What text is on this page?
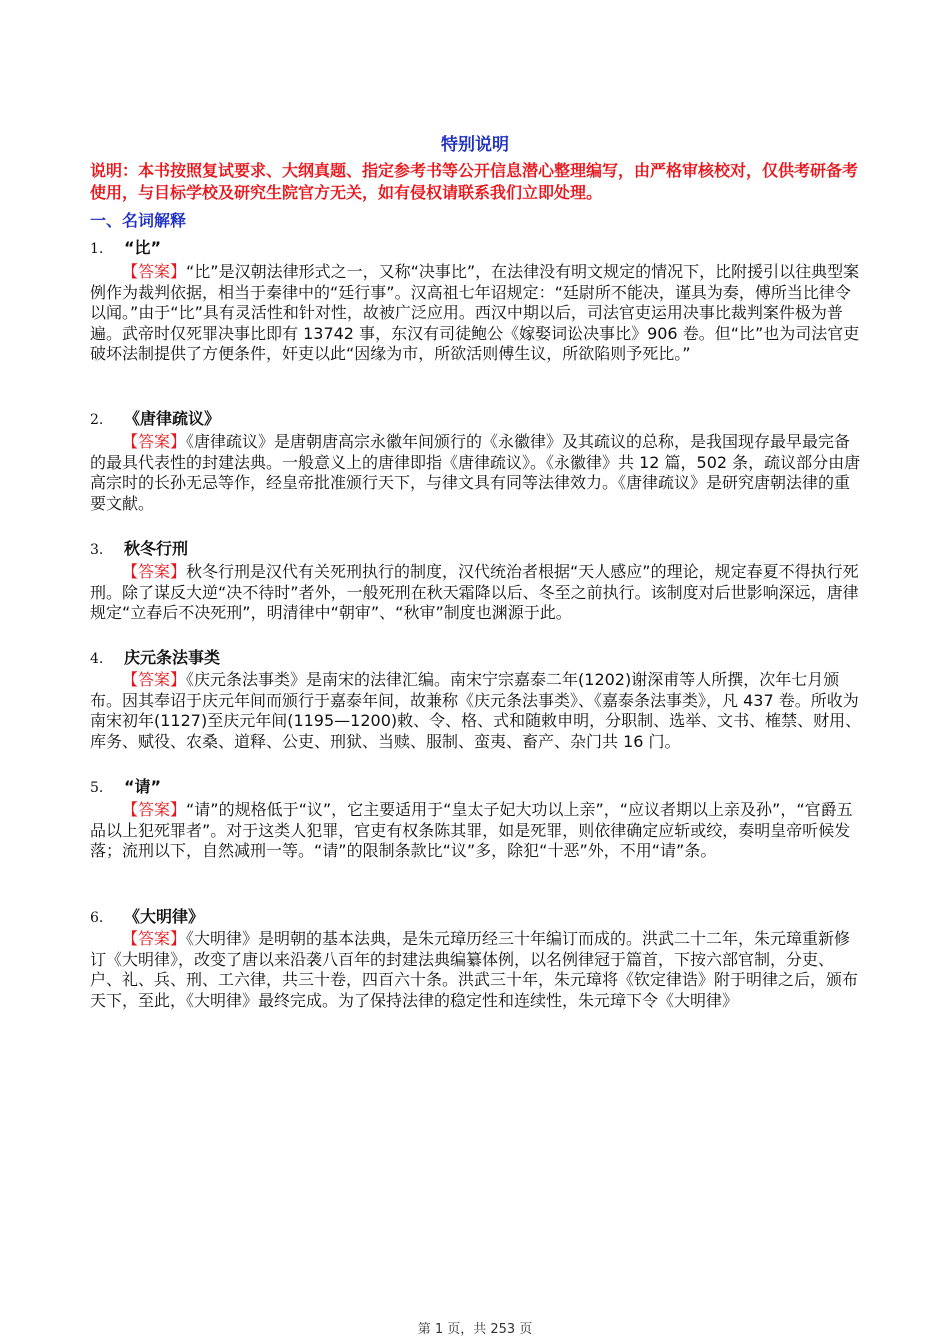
特别说明
说明：本书按照复试要求、大纲真题、指定参考书等公开信息潜心整理编写，由严格审核校对，仅供考研备考使用，与目标学校及研究生院官方无关，如有侵权请联系我们立即处理。
一、名词解释
1. “比”
【答案】“比”是汉朝法律形式之一，又称“决事比”，在法律没有明文规定的情况下，比附援引以往典型案例作为裁判依据，相当于秦律中的“廷行事”。汉高祖七年诏规定：“廷尉所不能决，谨具为奏，傅所当比律令以闻。”由于“比”具有灵活性和针对性，故被广泛应用。西汉中期以后，司法官吏运用决事比裁判案件极为普遍。武帝时仅死罪决事比即有 13742 事，东汉有司徒鲍公《嫁娶词讼决事比》906 卷。但“比”也为司法官吏破坏法制提供了方便条件，奸吏以此“因缘为市，所欲活则傅生议，所欲陷则予死比。”
2. 《唐律疏议》
【答案】《唐律疏议》是唐朝唐高宗永徽年间颁行的《永徽律》及其疏议的总称，是我国现存最早最完备的最具代表性的封建法典。一般意义上的唐律即指《唐律疏议》。《永徽律》共 12 篇，502 条，疏议部分由唐高宗时的长孙无忌等作，经皇帝批准颁行天下，与律文具有同等法律效力。《唐律疏议》是研究唐朝法律的重要文献。
3. 秋冬行刑
【答案】秋冬行刑是汉代有关死刑执行的制度，汉代统治者根据“天人感应”的理论，规定春夏不得执行死刑。除了谋反大逆“决不待时”者外，一般死刑在秋天霜降以后、冬至之前执行。该制度对后世影响深远，唐律规定“立春后不决死刑”，明清律中“朝审”、“秋审”制度也渊源于此。
4. 庆元条法事类
【答案】《庆元条法事类》是南宋的法律汇编。南宋宁宗嘉泰二年(1202)谢深甫等人所撰，次年七月颁布。因其奉诏于庆元年间而颁行于嘉泰年间，故兼称《庆元条法事类》、《嘉泰条法事类》，凡 437 卷。所收为南宋初年(1127)至庆元年间(1195—1200)敕、令、格、式和随敕申明，分职制、选举、文书、榷禁、财用、库务、赋役、农桑、道释、公吏、刑狱、当赎、服制、蛮夷、畜产、杂门共 16 门。
5. “请”
【答案】“请”的规格低于“议”，它主要适用于“皇太子妃大功以上亲”，“应议者期以上亲及孙”，“官爵五品以上犯死罪者”。对于这类人犯罪，官吏有权条陈其罪，如是死罪，则依律确定应斩或绞，奏明皇帝听候发落；流刑以下，自然减刑一等。“请”的限制条款比“议”多，除犯“十恶”外，不用“请”条。
6. 《大明律》
【答案】《大明律》是明朝的基本法典，是朱元璋历经三十年编订而成的。洪武二十二年，朱元璋重新修订《大明律》，改变了唐以来沿袭八百年的封建法典编纂体例，以名例律冠于篇首，下按六部官制，分吏、户、礼、兵、刑、工六律，共三十卷，四百六十条。洪武三十年，朱元璋将《钦定律诰》附于明律之后，颁布天下，至此，《大明律》最终完成。为了保持法律的稳定性和连续性，朱元璋下令《大明律》
第 1 页，共 253 页
